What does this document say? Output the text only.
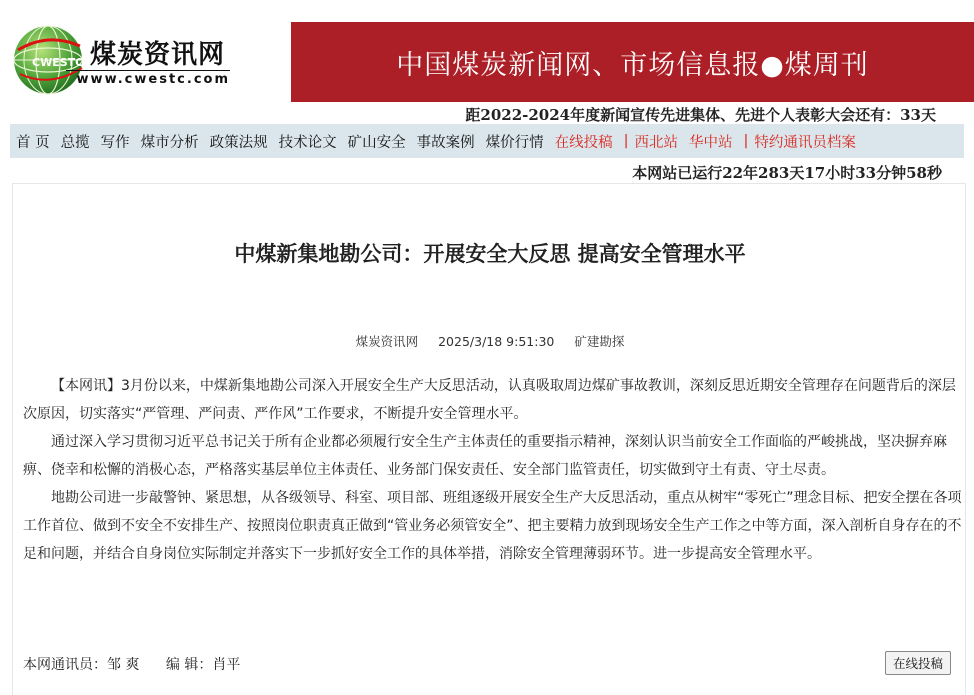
CWESTC 煤炭资讯网
www.cwestc.com	中国煤炭新闻网、市场信息报●煤周刊
距2022-2024年度新闻宣传先进集体、先进个人表彰大会还有：33天
首 页 总揽 写作 煤市分析 政策法规 技术论文 矿山安全 事故案例 煤价行情 在线投稿 | 西北站 华中站 | 特约通讯员档案
本网站已运行22年283天17小时33分钟58秒
中煤新集地勘公司：开展安全大反思 提高安全管理水平
煤炭资讯网 2025/3/18 9:51:30 矿建勘探

【本网讯】3月份以来，中煤新集地勘公司深入开展安全生产大反思活动，认真吸取周边煤矿事故教训，深刻反思近期安全管理存在问题背后的深层次原因，切实落实“严管理、严问责、严作风”工作要求，不断提升安全管理水平。

通过深入学习贯彻习近平总书记关于所有企业都必须履行安全生产主体责任的重要指示精神，深刻认识当前安全工作面临的严峻挑战，坚决摒弃麻痹、侥幸和松懈的消极心态，严格落实基层单位主体责任、业务部门保安责任、安全部门监管责任，切实做到守土有责、守土尽责。

地勘公司进一步敲警钟、紧思想，从各级领导、科室、项目部、班组逐级开展安全生产大反思活动，重点从树牢“零死亡”理念目标、把安全摆在各项工作首位、做到不安全不安排生产、按照岗位职责真正做到“管业务必须管安全”、把主要精力放到现场安全生产工作之中等方面，深入剖析自身存在的不足和问题，并结合自身岗位实际制定并落实下一步抓好安全工作的具体举措，消除安全管理薄弱环节。进一步提高安全管理水平。

本网通讯员：邹 爽 编 辑：肖平	在线投稿
